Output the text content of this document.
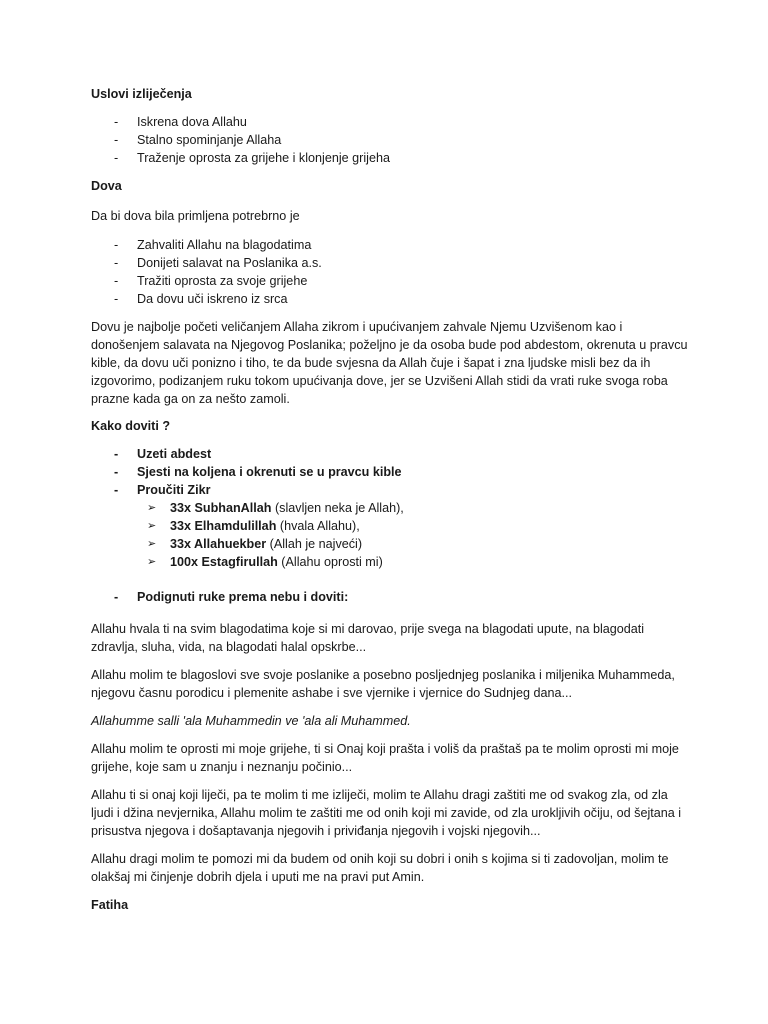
Uslovi izliječenja

- Iskrena dova Allahu
- Stalno spominjanje Allaha
- Traženje oprosta za grijehe i klonjenje grijeha

Dova

Da bi dova bila primljena potrebrno je

- Zahvaliti Allahu na blagodatima
- Donijeti salavat na Poslanika a.s.
- Tražiti oprosta za svoje grijehe
- Da dovu uči iskreno iz srca

Dovu je najbolje početi veličanjem Allaha zikrom i upućivanjem zahvale Njemu Uzvišenom kao i donošenjem salavata na Njegovog Poslanika; poželjno je da osoba bude pod abdestom, okrenuta u pravcu kible, da dovu uči ponizno i tiho, te da bude svjesna da Allah čuje i šapat i zna ljudske misli bez da ih izgovorimo, podizanjem ruku tokom upućivanja dove, jer se Uzvišeni Allah stidi da vrati ruke svoga roba prazne kada ga on za nešto zamoli.

Kako doviti ?

- Uzeti abdest
- Sjesti na koljena i okrenuti se u pravcu kible
- Proučiti Zikr
➢ 33x SubhanAllah (slavljen neka je Allah),
➢ 33x Elhamdulillah (hvala Allahu),
➢ 33x Allahuekber (Allah je najveći)
➢ 100x Estagfirullah (Allahu oprosti mi)
- Podignuti ruke prema nebu i doviti:

Allahu hvala ti na svim blagodatima koje si mi darovao, prije svega na blagodati upute, na blagodati zdravlja, sluha, vida, na blagodati halal opskrbe...

Allahu molim te blagoslovi sve svoje poslanike a posebno posljednjeg poslanika i miljenika Muhammeda, njegovu časnu porodicu i plemenite ashabe i sve vjernike i vjernice do Sudnjeg dana...

Allahumme salli 'ala Muhammedin ve 'ala ali Muhammed.

Allahu molim te oprosti mi moje grijehe, ti si Onaj koji prašta i voliš da praštaš pa te molim oprosti mi moje grijehe, koje sam u znanju i neznanju počinio...

Allahu ti si onaj koji liječi, pa te molim ti me izliječi, molim te Allahu dragi zaštiti me od svakog zla, od zla ljudi i džina nevjernika, Allahu molim te zaštiti me od onih koji mi zavide, od zla urokljivih očiju, od šejtana i prisustva njegova i došaptavanja njegovih i priviđanja njegovih i vojski njegovih...

Allahu dragi molim te pomozi mi da budem od onih koji su dobri i onih s kojima si ti zadovoljan, molim te olakšaj mi činjenje dobrih djela i uputi me na pravi put Amin.

Fatiha
